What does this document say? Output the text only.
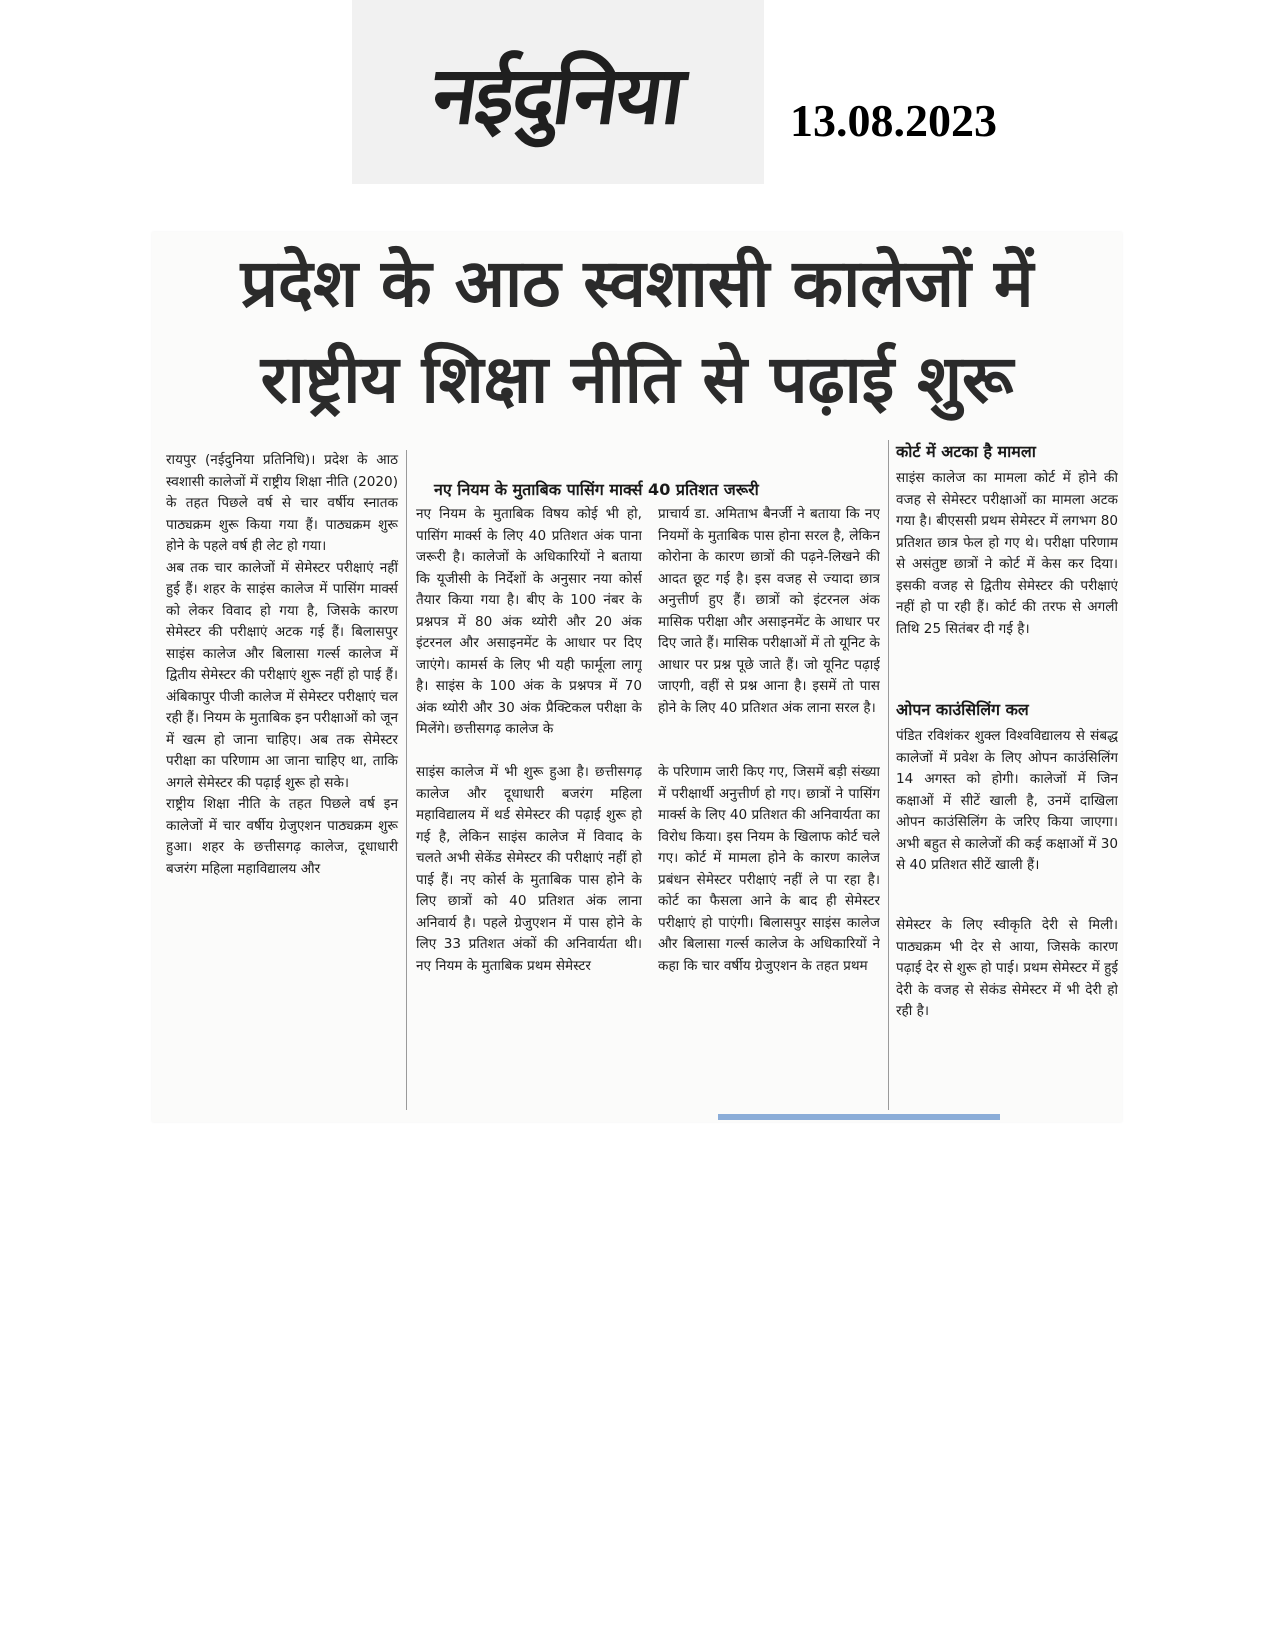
नईदुनिया 13.08.2023
प्रदेश के आठ स्वशासी कालेजों में
राष्ट्रीय शिक्षा नीति से पढ़ाई शुरू
रायपुर (नईदुनिया प्रतिनिधि)। प्रदेश के आठ स्वशासी कालेजों में राष्ट्रीय शिक्षा नीति (2020) के तहत पिछले वर्ष से चार वर्षीय स्नातक पाठ्यक्रम शुरू किया गया हैं। पाठ्यक्रम शुरू होने के पहले वर्ष ही लेट हो गया।
अब तक चार कालेजों में सेमेस्टर परीक्षाएं नहीं हुई हैं। शहर के साइंस कालेज में पासिंग मार्क्स को लेकर विवाद हो गया है, जिसके कारण सेमेस्टर की परीक्षाएं अटक गई हैं। बिलासपुर साइंस कालेज और बिलासा गर्ल्स कालेज में द्वितीय सेमेस्टर की परीक्षाएं शुरू नहीं हो पाई हैं। अंबिकापुर पीजी कालेज में सेमेस्टर परीक्षाएं चल रही हैं। नियम के मुताबिक इन परीक्षाओं को जून में खत्म हो जाना चाहिए। अब तक सेमेस्टर परीक्षा का परिणाम आ जाना चाहिए था, ताकि अगले सेमेस्टर की पढ़ाई शुरू हो सके।
राष्ट्रीय शिक्षा नीति के तहत पिछले वर्ष इन कालेजों में चार वर्षीय ग्रेजुएशन पाठ्यक्रम शुरू हुआ। शहर के छत्तीसगढ़ कालेज, दूधाधारी बजरंग महिला महाविद्यालय और
नए नियम के मुताबिक पासिंग मार्क्स 40 प्रतिशत जरूरी
नए नियम के मुताबिक विषय कोई भी हो, पासिंग मार्क्स के लिए 40 प्रतिशत अंक पाना जरूरी है। कालेजों के अधिकारियों ने बताया कि यूजीसी के निर्देशों के अनुसार नया कोर्स तैयार किया गया है। बीए के 100 नंबर के प्रश्नपत्र में 80 अंक थ्योरी और 20 अंक इंटरनल और असाइनमेंट के आधार पर दिए जाएंगे। कामर्स के लिए भी यही फार्मूला लागू है। साइंस के 100 अंक के प्रश्नपत्र में 70 अंक थ्योरी और 30 अंक प्रैक्टिकल परीक्षा के मिलेंगे। छत्तीसगढ़ कालेज के
प्राचार्य डा. अमिताभ बैनर्जी ने बताया कि नए नियमों के मुताबिक पास होना सरल है, लेकिन कोरोना के कारण छात्रों की पढ़ने-लिखने की आदत छूट गई है। इस वजह से ज्यादा छात्र अनुत्तीर्ण हुए हैं। छात्रों को इंटरनल अंक मासिक परीक्षा और असाइनमेंट के आधार पर दिए जाते हैं। मासिक परीक्षाओं में तो यूनिट के आधार पर प्रश्न पूछे जाते हैं। जो यूनिट पढ़ाई जाएगी, वहीं से प्रश्न आना है। इसमें तो पास होने के लिए 40 प्रतिशत अंक लाना सरल है।
साइंस कालेज में भी शुरू हुआ है। छत्तीसगढ़ कालेज और दूधाधारी बजरंग महिला महाविद्यालय में थर्ड सेमेस्टर की पढ़ाई शुरू हो गई है, लेकिन साइंस कालेज में विवाद के चलते अभी सेकेंड सेमेस्टर की परीक्षाएं नहीं हो पाई हैं। नए कोर्स के मुताबिक पास होने के लिए छात्रों को 40 प्रतिशत अंक लाना अनिवार्य है। पहले ग्रेजुएशन में पास होने के लिए 33 प्रतिशत अंकों की अनिवार्यता थी। नए नियम के मुताबिक प्रथम सेमेस्टर
के परिणाम जारी किए गए, जिसमें बड़ी संख्या में परीक्षार्थी अनुत्तीर्ण हो गए। छात्रों ने पासिंग मार्क्स के लिए 40 प्रतिशत की अनिवार्यता का विरोध किया। इस नियम के खिलाफ कोर्ट चले गए। कोर्ट में मामला होने के कारण कालेज प्रबंधन सेमेस्टर परीक्षाएं नहीं ले पा रहा है। कोर्ट का फैसला आने के बाद ही सेमेस्टर परीक्षाएं हो पाएंगी। बिलासपुर साइंस कालेज और बिलासा गर्ल्स कालेज के अधिकारियों ने कहा कि चार वर्षीय ग्रेजुएशन के तहत प्रथम
कोर्ट में अटका है मामला
साइंस कालेज का मामला कोर्ट में होने की वजह से सेमेस्टर परीक्षाओं का मामला अटक गया है। बीएससी प्रथम सेमेस्टर में लगभग 80 प्रतिशत छात्र फेल हो गए थे। परीक्षा परिणाम से असंतुष्ट छात्रों ने कोर्ट में केस कर दिया। इसकी वजह से द्वितीय सेमेस्टर की परीक्षाएं नहीं हो पा रही हैं। कोर्ट की तरफ से अगली तिथि 25 सितंबर दी गई है।
ओपन काउंसिलिंग कल
पंडित रविशंकर शुक्ल विश्वविद्यालय से संबद्ध कालेजों में प्रवेश के लिए ओपन काउंसिलिंग 14 अगस्त को होगी। कालेजों में जिन कक्षाओं में सीटें खाली है, उनमें दाखिला ओपन काउंसिलिंग के जरिए किया जाएगा। अभी बहुत से कालेजों की कई कक्षाओं में 30 से 40 प्रतिशत सीटें खाली हैं।
सेमेस्टर के लिए स्वीकृति देरी से मिली। पाठ्यक्रम भी देर से आया, जिसके कारण पढ़ाई देर से शुरू हो पाई। प्रथम सेमेस्टर में हुई देरी के वजह से सेकंड सेमेस्टर में भी देरी हो रही है।
